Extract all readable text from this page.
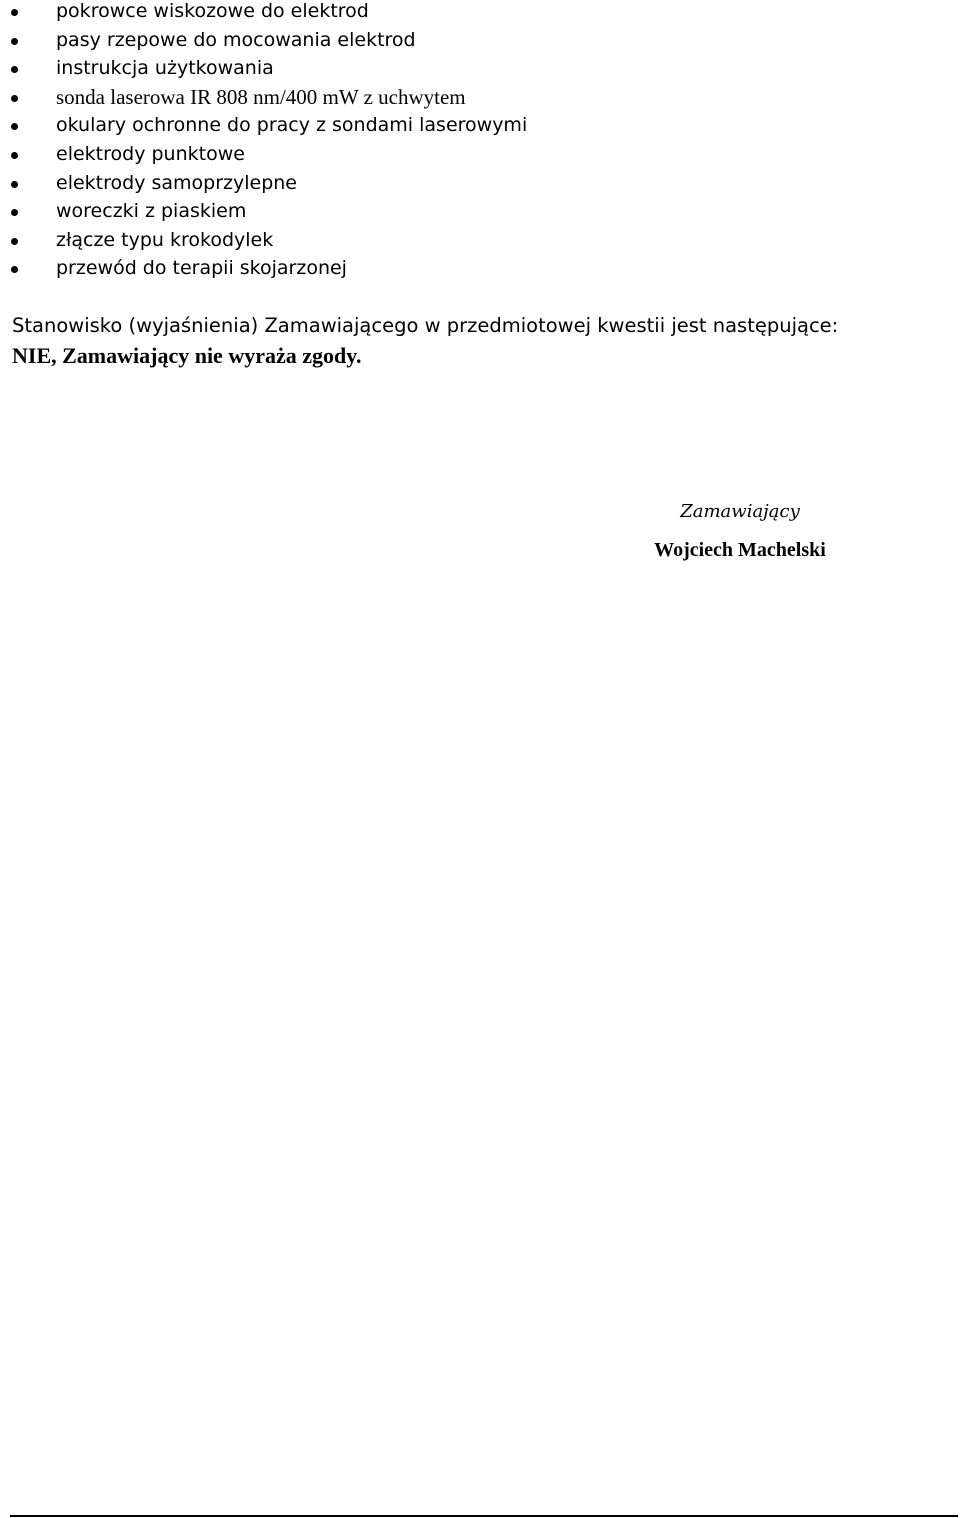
pokrowce wiskozowe do elektrod
pasy rzepowe do mocowania elektrod
instrukcja użytkowania
sonda laserowa IR 808 nm/400 mW z uchwytem
okulary ochronne do pracy z sondami laserowymi
elektrody punktowe
elektrody samoprzylepne
woreczki z piaskiem
złącze typu krokodylek
przewód do terapii skojarzonej
Stanowisko (wyjaśnienia) Zamawiającego w przedmiotowej kwestii jest następujące:
NIE, Zamawiający nie wyraża zgody.
Zamawiający
Wojciech Machelski
